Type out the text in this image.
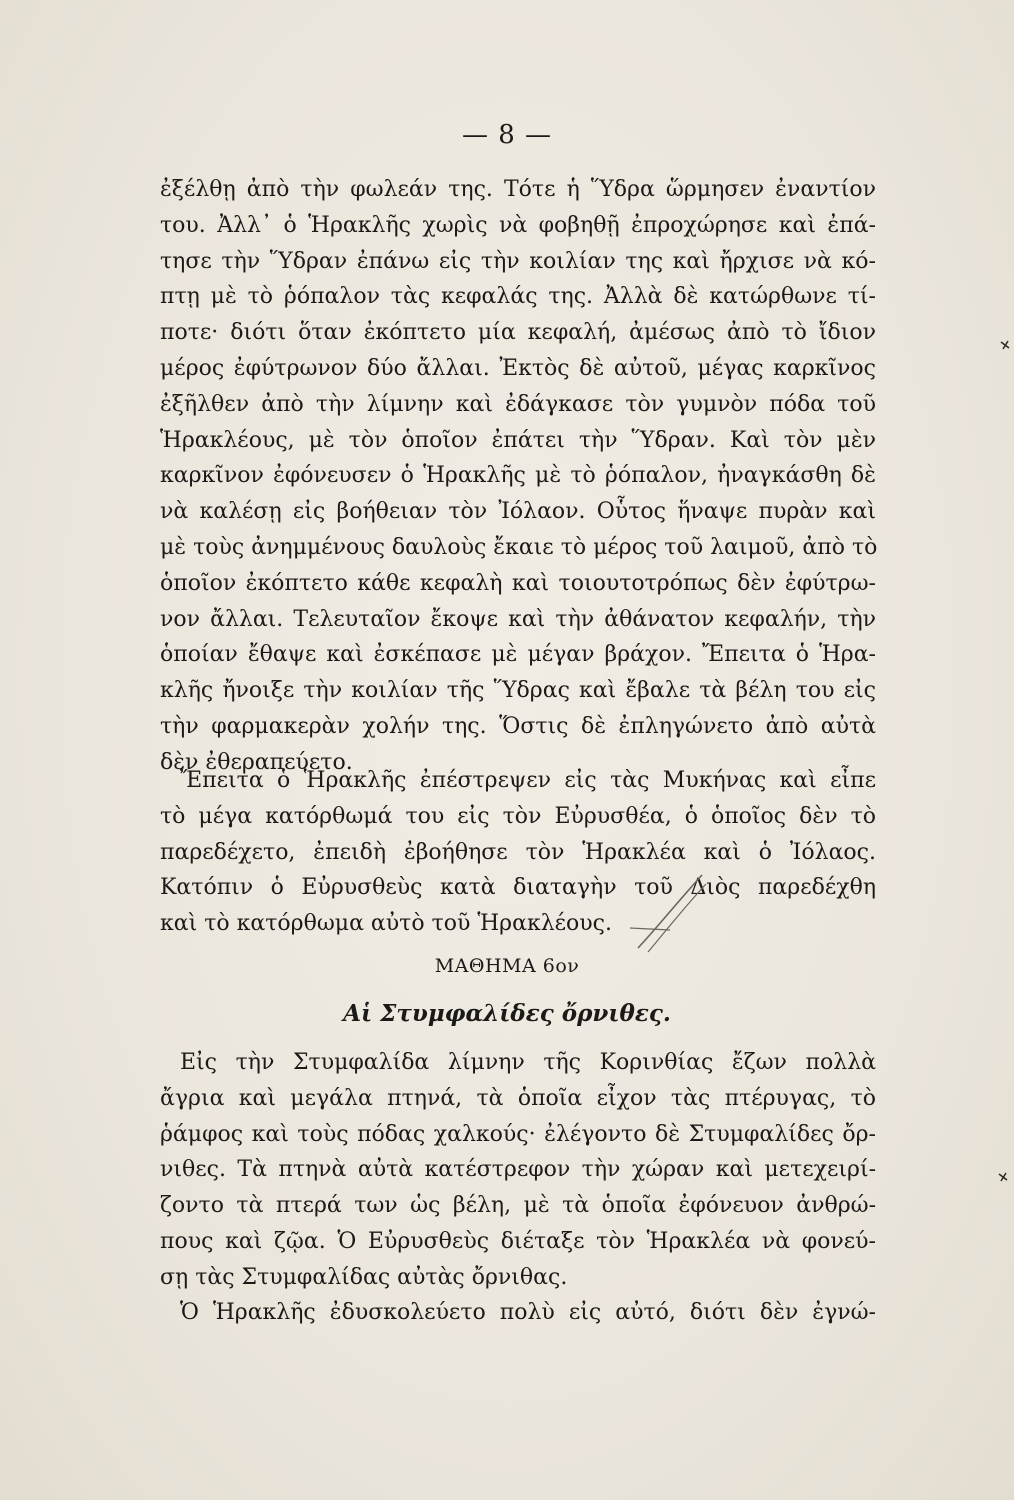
— 8 —
ἐξέλθῃ ἀπὸ τὴν φωλεάν της. Τότε ἡ Ὕδρα ὥρμησεν ἐναντίον
του. Ἀλλ᾽ ὁ Ἡρακλῆς χωρὶς νὰ φοβηθῇ ἐπροχώρησε καὶ ἐπά-
τησε τὴν Ὕδραν ἐπάνω εἰς τὴν κοιλίαν της καὶ ἤρχισε νὰ κό-
πτῃ μὲ τὸ ῥόπαλον τὰς κεφαλάς της. Ἀλλὰ δὲ κατώρθωνε τί-
ποτε· διότι ὅταν ἐκόπτετο μία κεφαλή, ἀμέσως ἀπὸ τὸ ἴδιον
μέρος ἐφύτρωνον δύο ἄλλαι. Ἐκτὸς δὲ αὐτοῦ, μέγας καρκῖνος
ἐξῆλθεν ἀπὸ τὴν λίμνην καὶ ἐδάγκασε τὸν γυμνὸν πόδα τοῦ
Ἡρακλέους, μὲ τὸν ὁποῖον ἐπάτει τὴν Ὕδραν. Καὶ τὸν μὲν
καρκῖνον ἐφόνευσεν ὁ Ἡρακλῆς μὲ τὸ ῥόπαλον, ἠναγκάσθη δὲ
νὰ καλέσῃ εἰς βοήθειαν τὸν Ἰόλαον. Οὗτος ἥναψε πυρὰν καὶ
μὲ τοὺς ἀνημμένους δαυλοὺς ἔκαιε τὸ μέρος τοῦ λαιμοῦ, ἀπὸ τὸ
ὁποῖον ἐκόπτετο κάθε κεφαλὴ καὶ τοιουτοτρόπως δὲν ἐφύτρω-
νον ἄλλαι. Τελευταῖον ἔκοψε καὶ τὴν ἀθάνατον κεφαλήν, τὴν
ὁποίαν ἔθαψε καὶ ἐσκέπασε μὲ μέγαν βράχον. Ἔπειτα ὁ Ἡρα-
κλῆς ἤνοιξε τὴν κοιλίαν τῆς Ὕδρας καὶ ἔβαλε τὰ βέλη του εἰς
τὴν φαρμακερὰν χολήν της. Ὅστις δὲ ἐπληγώνετο ἀπὸ αὐτὰ
δὲν ἐθεραπεύετο.
Ἔπειτα ὁ Ἡρακλῆς ἐπέστρεψεν εἰς τὰς Μυκήνας καὶ εἶπε
τὸ μέγα κατόρθωμά του εἰς τὸν Εὐρυσθέα, ὁ ὁποῖος δὲν τὸ
παρεδέχετο, ἐπειδὴ ἐβοήθησε τὸν Ἡρακλέα καὶ ὁ Ἰόλαος.
Κατόπιν ὁ Εὐρυσθεὺς κατὰ διαταγὴν τοῦ Διὸς παρεδέχθη
καὶ τὸ κατόρθωμα αὐτὸ τοῦ Ἡρακλέους.
ΜΑΘΗΜΑ 6ον
Αἱ Στυμφαλίδες ὄρνιθες.
Εἰς τὴν Στυμφαλίδα λίμνην τῆς Κορινθίας ἔζων πολλὰ
ἄγρια καὶ μεγάλα πτηνά, τὰ ὁποῖα εἶχον τὰς πτέρυγας, τὸ
ῥάμφος καὶ τοὺς πόδας χαλκούς· ἐλέγοντο δὲ Στυμφαλίδες ὄρ-
νιθες. Τὰ πτηνὰ αὐτὰ κατέστρεφον τὴν χώραν καὶ μετεχειρί-
ζοντο τὰ πτερά των ὡς βέλη, μὲ τὰ ὁποῖα ἐφόνευον ἀνθρώ-
πους καὶ ζῷα. Ὁ Εὐρυσθεὺς διέταξε τὸν Ἡρακλέα νὰ φονεύ-
σῃ τὰς Στυμφαλίδας αὐτὰς ὄρνιθας.
Ὁ Ἡρακλῆς ἐδυσκολεύετο πολὺ εἰς αὐτό, διότι δὲν ἐγνώ-
